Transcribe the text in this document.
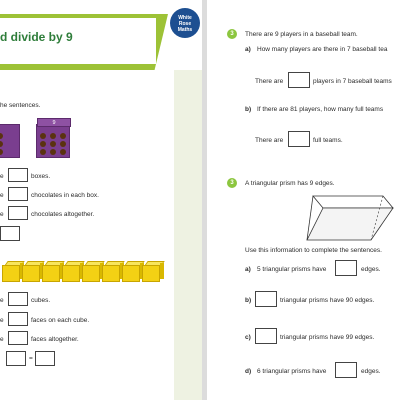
d divide by 9
White
Rose
Maths
he sentences.
9
e	boxes.
e	chocolates in each box.
e	chocolates altogether.
e	cubes.
e	faces on each cube.
e	faces altogether.
=
3	There are 9 players in a baseball team.
a) How many players are there in 7 baseball tea
There are	players in 7 baseball teams
b) If there are 81 players, how many full teams
There are	full teams.
3	A triangular prism has 9 edges.
Use this information to complete the sentences.
a) 5 triangular prisms have	edges.
b)	triangular prisms have 90 edges.
c)	triangular prisms have 99 edges.
d) 6 triangular prisms have	edges.
